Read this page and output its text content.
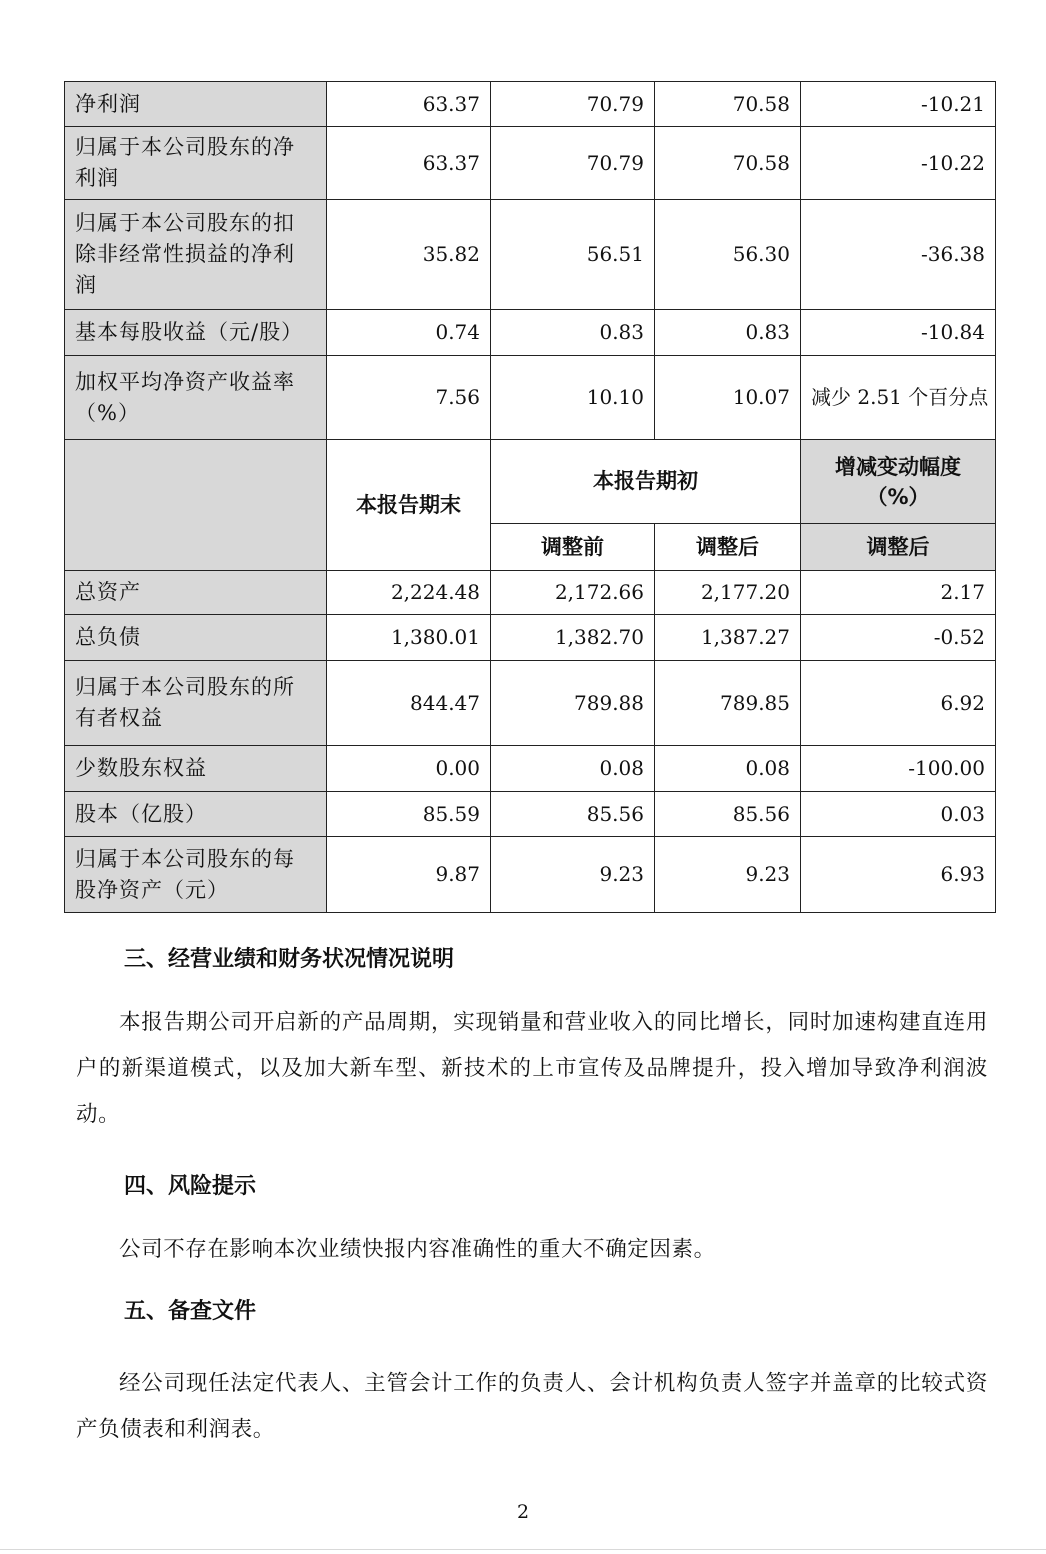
净利润	63.37	70.79	70.58	-10.21
归属于本公司股东的净利润	63.37	70.79	70.58	-10.22
归属于本公司股东的扣除非经常性损益的净利润	35.82	56.51	56.30	-36.38
基本每股收益（元/股）	0.74	0.83	0.83	-10.84
加权平均净资产收益率（%）	7.56	10.10	10.07	减少 2.51 个百分点
	本报告期末	本报告期初		增减变动幅度（%）
		调整前	调整后	调整后
总资产	2,224.48	2,172.66	2,177.20	2.17
总负债	1,380.01	1,382.70	1,387.27	-0.52
归属于本公司股东的所有者权益	844.47	789.88	789.85	6.92
少数股东权益	0.00	0.08	0.08	-100.00
股本（亿股）	85.59	85.56	85.56	0.03
归属于本公司股东的每股净资产（元）	9.87	9.23	9.23	6.93
三、经营业绩和财务状况情况说明
本报告期公司开启新的产品周期，实现销量和营业收入的同比增长，同时加速构建直连用户的新渠道模式，以及加大新车型、新技术的上市宣传及品牌提升，投入增加导致净利润波动。
四、风险提示
公司不存在影响本次业绩快报内容准确性的重大不确定因素。
五、备查文件
经公司现任法定代表人、主管会计工作的负责人、会计机构负责人签字并盖章的比较式资产负债表和利润表。
2
